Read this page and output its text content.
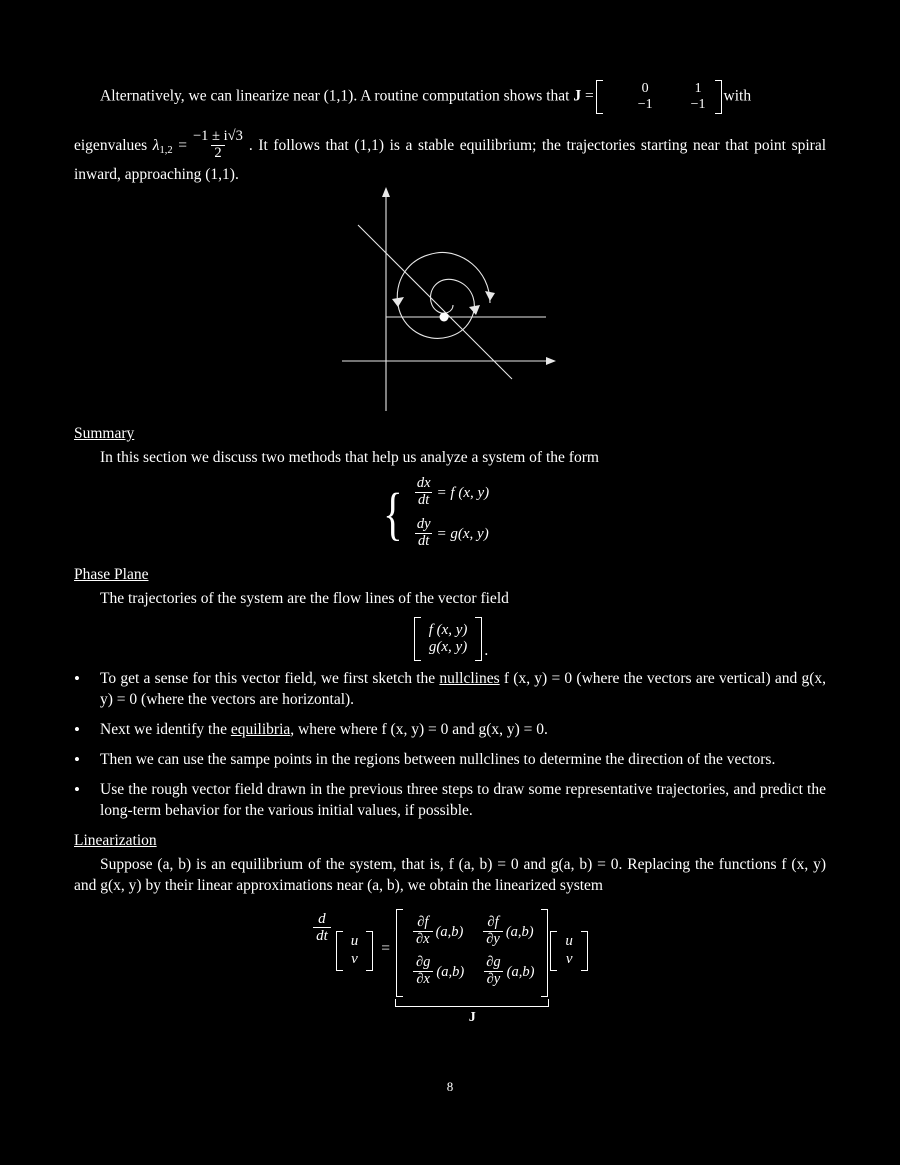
Alternatively, we can linearize near (1,1). A routine computation shows that J =	0	1
−1	−1	with

eigenvalues $\lambda_{1,2} = \frac{-1 \pm i√3}{2}$ . It follows that (1,1) is a stable equilibrium; the trajectories starting near that point spiral inward, approaching (1,1).

Summary

In this section we discuss two methods that help us analyze a system of the form

{ $\frac{dx}{dt} = f$ (x, y)
$\frac{dy}{dt} = g(x$, y)
Phase Plane

The trajectories of the system are the flow lines of the vector field

f (x, y)
g(x, y)	.
• To get a sense for this vector field, we first sketch the nullclines f (x, y) = 0 (where the vectors are vertical) and g(x, y) = 0 (where the vectors are horizontal).
• Next we identify the equilibria, where where f (x, y) = 0 and g(x, y) = 0.
• Then we can use the sampe points in the regions between nullclines to determine the direction of the vectors.
• Use the rough vector field drawn in the previous three steps to draw some representative trajectories, and predict the long-term behavior for the various initial values, if possible.
Linearization

Suppose (a, b) is an equilibrium of the system, that is, f (a, b) = 0 and g(a, b) = 0. Replacing the functions f (x, y) and g(x, y) by their linear approximations near (a, b), we obtain the linearized system

$\frac{d}{dt}$	u
v
= $\frac{\partial f}{\partial x} (a,b) \frac{\partial f}{\partial y} (a,b)$
$\frac{\partial g}{\partial x} (a,b) \frac{\partial g}{\partial y} (a,b)$
J
u
v
8
